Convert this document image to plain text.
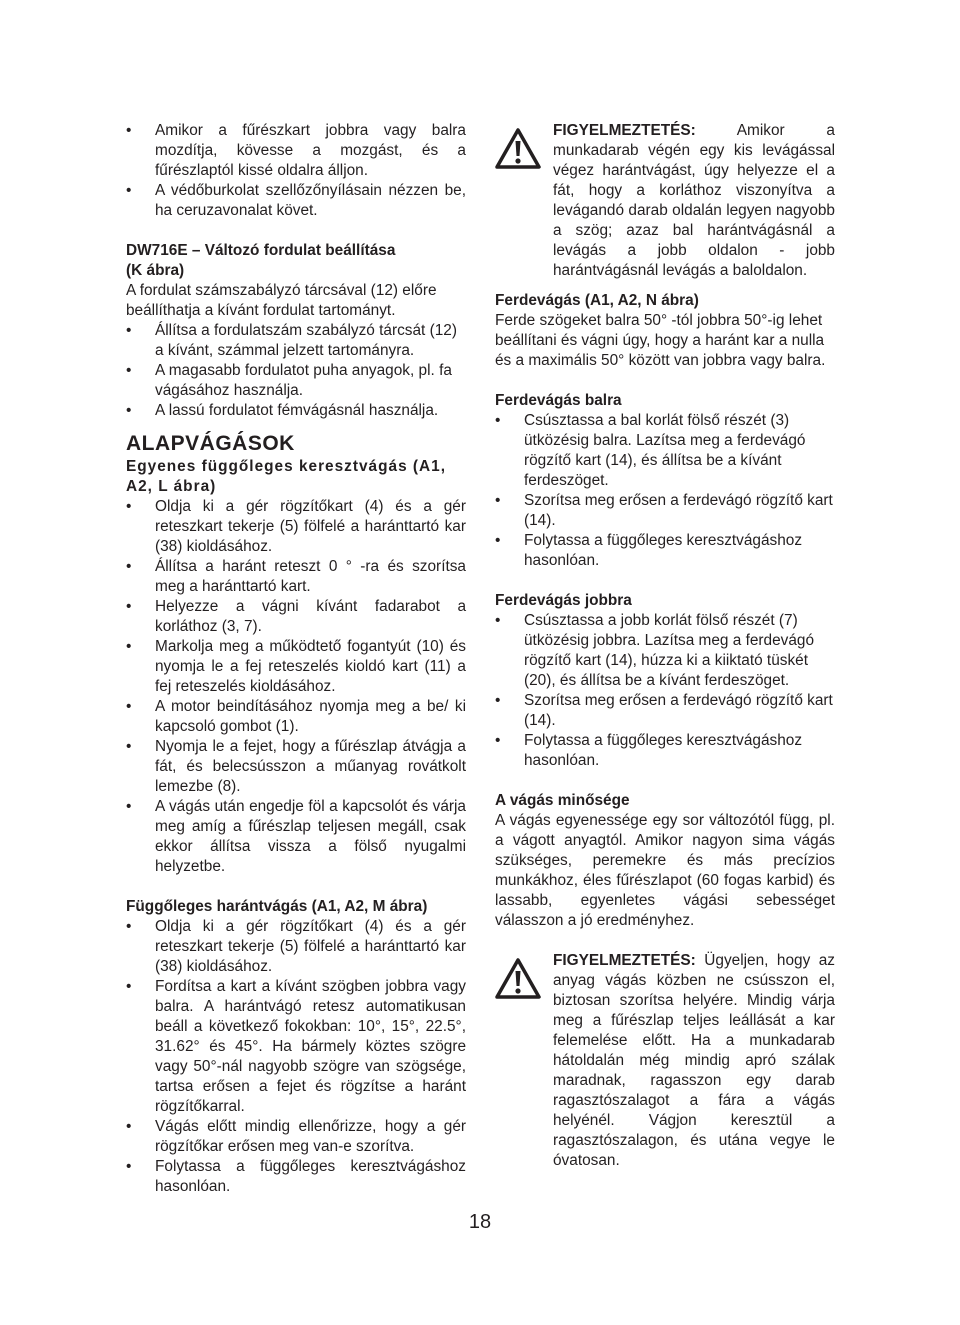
• Amikor a fűrészkart jobbra vagy balra mozdítja, kövesse a mozgást, és a fűrészlaptól kissé oldalra álljon.
• A védőburkolat szellőzőnyílásain nézzen be, ha ceruzavonalat követ.

DW716E – Változó fordulat beállítása

(K ábra)

A fordulat számszabályzó tárcsával (12) előre beállíthatja a kívánt fordulat tartományt.

• Állítsa a fordulatszám szabályzó tárcsát (12) a kívánt, számmal jelzett tartományra.
• A magasabb fordulatot puha anyagok, pl. fa vágásához használja.
• A lassú fordulatot fémvágásnál használja.

ALAPVÁGÁSOK

Egyenes függőleges keresztvágás (A1, A2, L ábra)

• Oldja ki a gér rögzítőkart (4) és a gér reteszkart tekerje (5) fölfelé a haránttartó kar (38) kioldásához.
• Állítsa a haránt reteszt 0 ° -ra és szorítsa meg a haránttartó kart.
• Helyezze a vágni kívánt fadarabot a korláthoz (3, 7).
• Markolja meg a működtető fogantyút (10) és nyomja le a fej reteszelés kioldó kart (11) a fej reteszelés kioldásához.
• A motor beindításához nyomja meg a be/ ki kapcsoló gombot (1).
• Nyomja le a fejet, hogy a fűrészlap átvágja a fát, és belecsússzon a műanyag rovátkolt lemezbe (8).
• A vágás után engedje föl a kapcsolót és várja meg amíg a fűrészlap teljesen megáll, csak ekkor állítsa vissza a fölső nyugalmi helyzetbe.

Függőleges harántvágás (A1, A2, M ábra)

• Oldja ki a gér rögzítőkart (4) és a gér reteszkart tekerje (5) fölfelé a haránttartó kar (38) kioldásához.
• Fordítsa a kart a kívánt szögben jobbra vagy balra. A harántvágó retesz automatikusan beáll a következő fokokban: 10°, 15°, 22.5°, 31.62° és 45°. Ha bármely köztes szögre vagy 50°-nál nagyobb szögre van szögsége, tartsa erősen a fejet és rögzítse a haránt rögzítőkarral.
• Vágás előtt mindig ellenőrizze, hogy a gér rögzítőkar erősen meg van-e szorítva.
• Folytassa a függőleges keresztvágáshoz hasonlóan.

FIGYELMEZTETÉS: Amikor a munkadarab végén egy kis levágással végez harántvágást, úgy helyezze el a fát, hogy a korláthoz viszonyítva a levágandó darab oldalán legyen nagyobb a szög; azaz bal harántvágásnál a levágás a jobb oldalon - jobb harántvágásnál levágás a baloldalon.

Ferdevágás (A1, A2, N ábra)

Ferde szögeket balra 50° -tól jobbra 50°-ig lehet beállítani és vágni úgy, hogy a haránt kar a nulla és a maximális 50° között van jobbra vagy balra.

Ferdevágás balra

• Csúsztassa a bal korlát fölső részét (3) ütközésig balra. Lazítsa meg a ferdevágó rögzítő kart (14), és állítsa be a kívánt ferdeszöget.
• Szorítsa meg erősen a ferdevágó rögzítő kart (14).
• Folytassa a függőleges keresztvágáshoz hasonlóan.

Ferdevágás jobbra

• Csúsztassa a jobb korlát fölső részét (7) ütközésig jobbra. Lazítsa meg a ferdevágó rögzítő kart (14), húzza ki a kiiktató tüskét (20), és állítsa be a kívánt ferdeszöget.
• Szorítsa meg erősen a ferdevágó rögzítő kart (14).
• Folytassa a függőleges keresztvágáshoz hasonlóan.

A vágás minősége

A vágás egyenessége egy sor változótól függ, pl. a vágott anyagtól. Amikor nagyon sima vágás szükséges, peremekre és más precízios munkákhoz, éles fűrészlapot (60 fogas karbid) és lassabb, egyenletes vágási sebességet válasszon a jó eredményhez.

FIGYELMEZTETÉS: Ügyeljen, hogy az anyag vágás közben ne csússzon el, biztosan szorítsa helyére. Mindig várja meg a fűrészlap teljes leállását a kar felemelése előtt. Ha a munkadarab hátoldalán még mindig apró szálak maradnak, ragasszon egy darab ragasztószalagot a fára a vágás helyénél. Vágjon keresztül a ragasztószalagon, és utána vegye le óvatosan.

18
